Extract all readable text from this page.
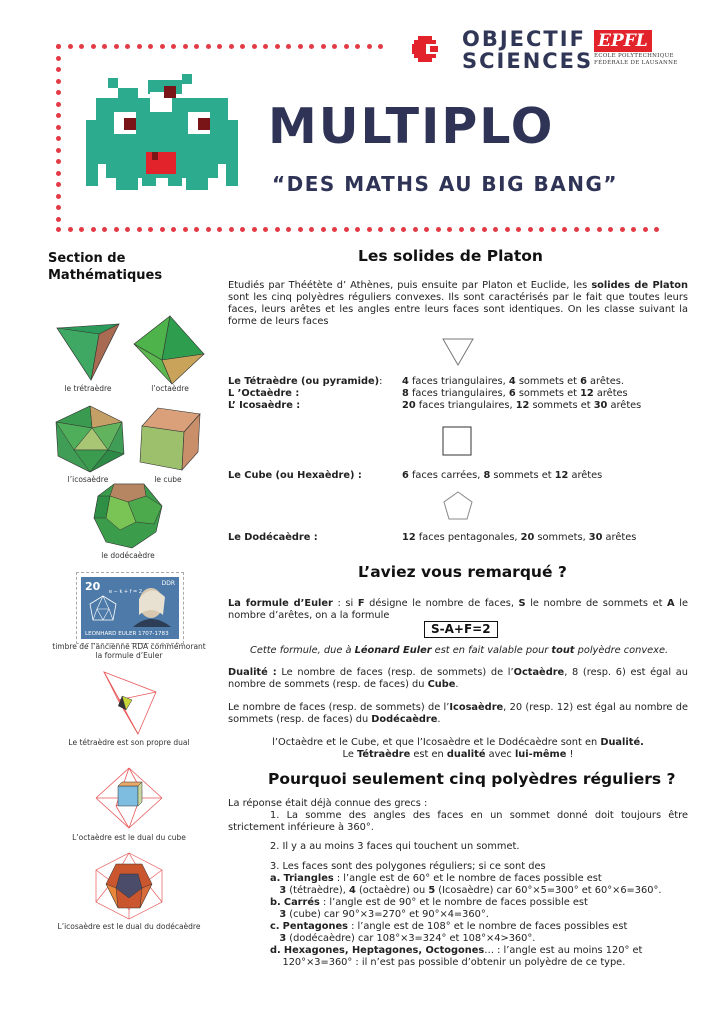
OBJECTIF
SCIENCES
EPFL
ÉCOLE POLYTECHNIQUE
FÉDÉRALE DE LAUSANNE
MULTIPLO
“DES MATHS AU BIG BANG”
Section de Mathématiques
le trétraèdre	l’octaèdre
l’icosaèdre	le cube
le dodécaèdre
20	DDR
e − k + f = 2
LEONHARD EULER 1707-1783
timbre de l’ancienne RDA commémorant la formule d’Euler
Le tétraèdre est son propre dual
L’octaèdre est le dual du cube
L’icosaèdre est le dual du dodécaèdre
Les solides de Platon
Etudiés par Théétète d’ Athènes, puis ensuite par Platon et Euclide, les solides de Platon sont les cinq polyèdres réguliers convexes. Ils sont caractérisés par le fait que toutes leurs faces, leurs arêtes et les angles entre leurs faces sont identiques. On les classe suivant la forme de leurs faces
Le Tétraèdre (ou pyramide): 4 faces triangulaires, 4 sommets et 6 arêtes.
L ’Octaèdre :	8 faces triangulaires, 6 sommets et 12 arêtes
L’ Icosaèdre :	20 faces triangulaires, 12 sommets et 30 arêtes
Le Cube (ou Hexaèdre) :	6 faces carrées, 8 sommets et 12 arêtes
Le Dodécaèdre :	12 faces pentagonales, 20 sommets, 30 arêtes
L’aviez vous remarqué ?
La formule d’Euler : si F désigne le nombre de faces, S le nombre de sommets et A le nombre d’arêtes, on a la formule
S-A+F=2
Cette formule, due à Léonard Euler est en fait valable pour tout polyèdre convexe.
Dualité : Le nombre de faces (resp. de sommets) de l’Octaèdre, 8 (resp. 6) est égal au nombre de sommets (resp. de faces) du Cube.
Le nombre de faces (resp. de sommets) de l’Icosaèdre, 20 (resp. 12) est égal au nombre de sommets (resp. de faces) du Dodécaèdre.
l’Octaèdre et le Cube, et que l’Icosaèdre et le Dodécaèdre sont en Dualité.
Le Tétraèdre est en dualité avec lui-même !
Pourquoi seulement cinq polyèdres réguliers ?
La réponse était déjà connue des grecs :
1. La somme des angles des faces en un sommet donné doit toujours être strictement inférieure à 360°.
2. Il y a au moins 3 faces qui touchent un sommet.
3. Les faces sont des polygones réguliers; si ce sont des
a. Triangles : l’angle est de 60° et le nombre de faces possible est
3 (tétraèdre), 4 (octaèdre) ou 5 (Icosaèdre) car 60°×5=300° et 60°×6=360°.
b. Carrés : l’angle est de 90° et le nombre de faces possible est
3 (cube) car 90°×3=270° et 90°×4=360°.
c. Pentagones : l’angle est de 108° et le nombre de faces possibles est
3 (dodécaèdre) car 108°×3=324° et 108°×4>360°.
d. Hexagones, Heptagones, Octogones… : l’angle est au moins 120° et
120°×3=360° : il n’est pas possible d’obtenir un polyèdre de ce type.
